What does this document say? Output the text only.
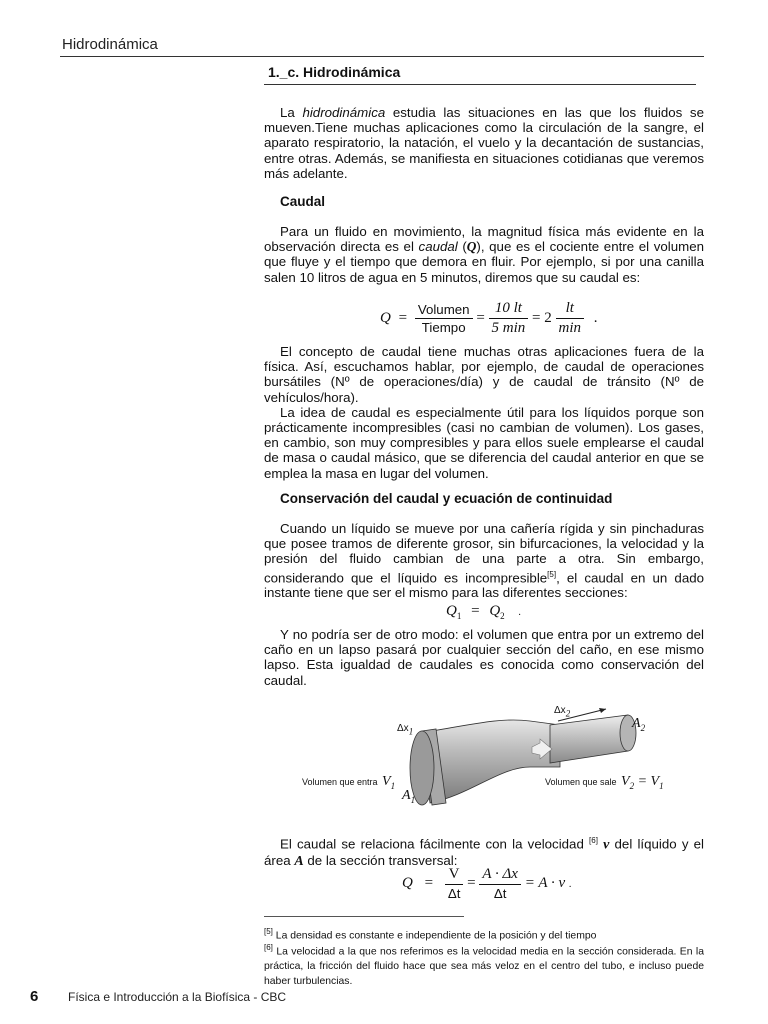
Hidrodinámica
1._c. Hidrodinámica

La hidrodinámica estudia las situaciones en las que los fluidos se mueven.Tiene muchas aplicaciones como la circulación de la sangre, el aparato respiratorio, la natación, el vuelo y la decantación de sustancias, entre otras. Además, se manifiesta en situaciones cotidianas que veremos más adelante.

Caudal

Para un fluido en movimiento, la magnitud física más evidente en la observación directa es el caudal (Q), que es el cociente entre el volumen que fluye y el tiempo que demora en fluir. Por ejemplo, si por una canilla salen 10 litros de agua en 5 minutos, diremos que su caudal es:

$Q = \frac{\text{Volumen}}{\text{Tiempo}} = \frac{10 lt}{5 \min} = 2 \frac{lt}{\min}$ .

El concepto de caudal tiene muchas otras aplicaciones fuera de la física. Así, escuchamos hablar, por ejemplo, de caudal de operaciones bursátiles (Nº de operaciones/día) y de caudal de tránsito (Nº de vehículos/hora).

La idea de caudal es especialmente útil para los líquidos porque son prácticamente incompresibles (casi no cambian de volumen). Los gases, en cambio, son muy compresibles y para ellos suele emplearse el caudal de masa o caudal másico, que se diferencia del caudal anterior en que se emplea la masa en lugar del volumen.

Conservación del caudal y ecuación de continuidad

Cuando un líquido se mueve por una cañería rígida y sin pinchaduras que posee tramos de diferente grosor, sin bifurcaciones, la velocidad y la presión del fluido cambian de una parte a otra. Sin embargo, considerando que el líquido es incompresible[5], el caudal en un dado instante tiene que ser el mismo para las diferentes secciones:

$Q_1 = Q_2$ .

Y no podría ser de otro modo: el volumen que entra por un extremo del caño en un lapso pasará por cualquier sección del caño, en ese mismo lapso. Esta igualdad de caudales es conocida como conservación del caudal.

$\Delta x_1$
$\Delta x_2$
$A_2$
$A_1$
Volumen que entra $V_1$	Volumen que sale $V_2 = V_1$

El caudal se relaciona fácilmente con la velocidad [6] v del líquido y el área A de la sección transversal:

$Q = \frac{V}{\Delta t} = \frac{A \cdot \Delta x}{\Delta t} = A \cdot v$ .
[5] La densidad es constante e independiente de la posición y del tiempo
[6] La velocidad a la que nos referimos es la velocidad media en la sección considerada. En la práctica, la fricción del fluido hace que sea más veloz en el centro del tubo, e incluso puede haber turbulencias.
6 Física e Introducción a la Biofísica - CBC
